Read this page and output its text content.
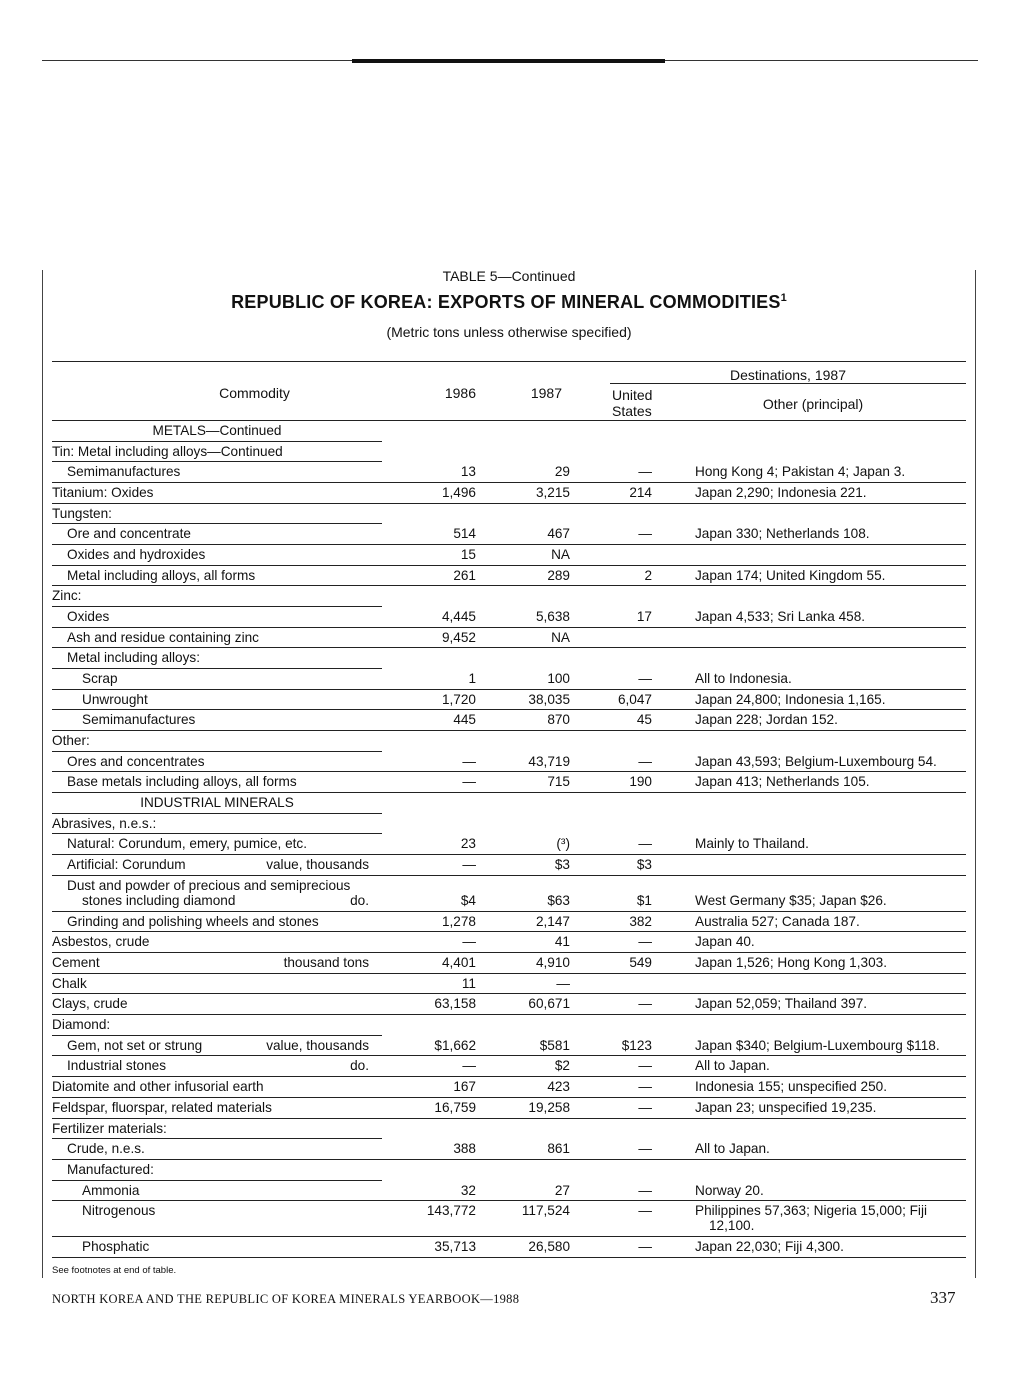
TABLE 5—Continued
REPUBLIC OF KOREA: EXPORTS OF MINERAL COMMODITIES$^1$
(Metric tons unless otherwise specified)
Commodity	1986	1987
Destinations, 1987
United
States	Other (principal)
METALS—Continued
Tin: Metal including alloys—Continued
Semimanufactures	13	29	—	Hong Kong 4; Pakistan 4; Japan 3.
Titanium: Oxides	1,496	3,215	214	Japan 2,290; Indonesia 221.
Tungsten:
Ore and concentrate	514	467	—	Japan 330; Netherlands 108.
Oxides and hydroxides	15	NA
Metal including alloys, all forms	261	289	2	Japan 174; United Kingdom 55.
Zinc:
Oxides	4,445	5,638	17	Japan 4,533; Sri Lanka 458.
Ash and residue containing zinc	9,452	NA
Metal including alloys:
Scrap	1	100	—	All to Indonesia.
Unwrought	1,720	38,035	6,047	Japan 24,800; Indonesia 1,165.
Semimanufactures	445	870	45	Japan 228; Jordan 152.
Other:
Ores and concentrates	—	43,719	—	Japan 43,593; Belgium-Luxembourg 54.
Base metals including alloys, all forms	—	715	190	Japan 413; Netherlands 105.
INDUSTRIAL MINERALS
Abrasives, n.e.s.:
Natural: Corundum, emery, pumice, etc.	23	(³)	—	Mainly to Thailand.
Artificial: Corundum	value, thousands	—	$3	$3
Dust and powder of precious and semiprecious
stones including diamond	do.	$4	$63	$1	West Germany $35; Japan $26.
Grinding and polishing wheels and stones	1,278	2,147	382	Australia 527; Canada 187.
Asbestos, crude	—	41	—	Japan 40.
Cement	thousand tons	4,401	4,910	549	Japan 1,526; Hong Kong 1,303.
Chalk	11	—
Clays, crude	63,158	60,671	—	Japan 52,059; Thailand 397.
Diamond:
Gem, not set or strung	value, thousands	$1,662	$581	$123	Japan $340; Belgium-Luxembourg $118.
Industrial stones	do.	—	$2	—	All to Japan.
Diatomite and other infusorial earth	167	423	—	Indonesia 155; unspecified 250.
Feldspar, fluorspar, related materials	16,759	19,258	—	Japan 23; unspecified 19,235.
Fertilizer materials:
Crude, n.e.s.	388	861	—	All to Japan.
Manufactured:
Ammonia	32	27	—	Norway 20.
Nitrogenous	143,772	117,524	—	Philippines 57,363; Nigeria 15,000; Fiji
12,100.
Phosphatic	35,713	26,580	—	Japan 22,030; Fiji 4,300.
See footnotes at end of table.
NORTH KOREA AND THE REPUBLIC OF KOREA MINERALS YEARBOOK—1988	337
